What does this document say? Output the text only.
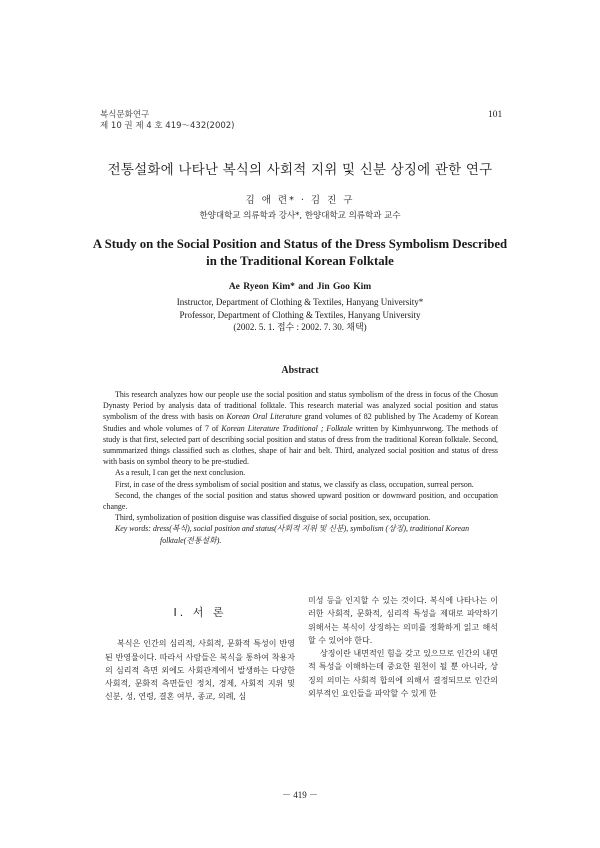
복식문화연구
제 10 권 제 4 호 419～432(2002)
101
전통설화에 나타난 복식의 사회적 지위 및 신분 상징에 관한 연구
김 애 련* · 김 진 구
한양대학교 의류학과 강사*, 한양대학교 의류학과 교수
A Study on the Social Position and Status of the Dress Symbolism Described
in the Traditional Korean Folktale
Ae Ryeon Kim* and Jin Goo Kim
Instructor, Department of Clothing & Textiles, Hanyang University*
Professor, Department of Clothing & Textiles, Hanyang University
(2002. 5. 1. 접수 : 2002. 7. 30. 채택)
Abstract

This research analyzes how our people use the social position and status symbolism of the dress in focus of the Chosun Dynasty Period by analysis data of traditional folktale. This research material was analyzed social position and status symbolism of the dress with basis on Korean Oral Literature grand volumes of 82 published by The Academy of Korean Studies and whole volumes of 7 of Korean Literature Traditional ; Folktale written by Kimhyunrwong. The methods of study is that first, selected part of describing social position and status of dress from the traditional Korean folktale. Second, summmarized things classified such as clothes, shape of hair and belt. Third, analyzed social position and status of dress with basis on symbol theory to be pre-studied.

As a result, I can get the next conclusion.

First, in case of the dress symbolism of social position and status, we classify as class, occupation, surreal person.

Second, the changes of the social position and status showed upward position or downward position, and occupation change.

Third, symbolization of position disguise was classified disguise of social position, sex, occupation.

Key words: dress(복식), social position and status(사회적 지위 및 신분), symbolism (상징), traditional Korean

folktale(전통설화).

Ⅰ. 서 론

복식은 인간의 심리적, 사회적, 문화적 특성이 반영된 반영물이다. 따라서 사람들은 복식을 통하여 착용자의 심리적 측면 외에도 사회관계에서 발생하는 다양한 사회적, 문화적 측면들인 정치, 경제, 사회적 지위 및 신분, 성, 연령, 결혼 여부, 종교, 의례, 심

미성 등을 인지할 수 있는 것이다. 복식에 나타나는 이러한 사회적, 문화적, 심리적 특성을 제대로 파악하기 위해서는 복식이 상징하는 의미를 정확하게 읽고 해석할 수 있어야 한다.

상징이란 내면적인 힘을 갖고 있으므로 인간의 내면적 특성을 이해하는데 중요한 원천이 될 뿐 아니라, 상징의 의미는 사회적 합의에 의해서 결정되므로 인간의 외부적인 요인들을 파악할 수 있게 한

－ 419 －
